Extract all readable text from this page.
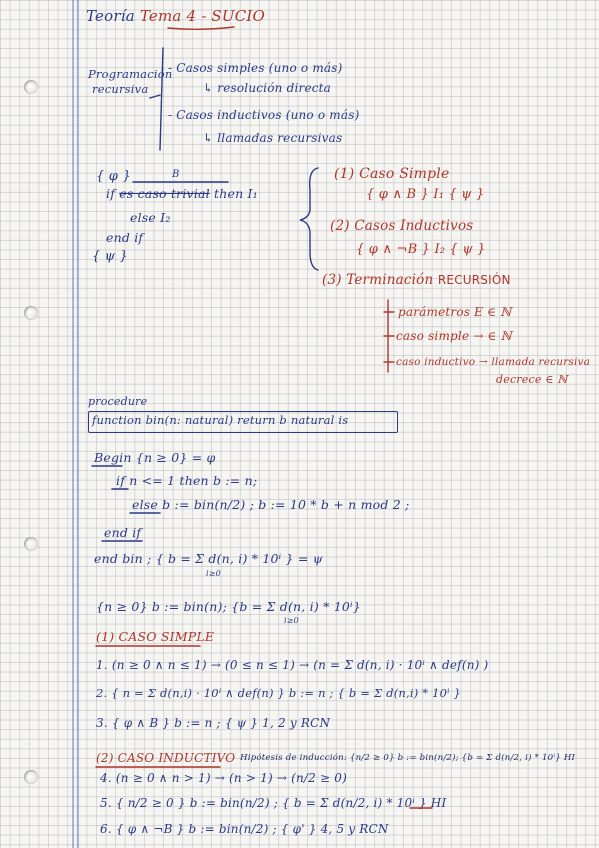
Teoría Tema 4 - SUCIO
Programación
recursiva
- Casos simples (uno o más)
↳ resolución directa
- Casos inductivos (uno o más)
↳ llamadas recursivas
{ φ }	B
if es caso trivial then I₁
else I₂
end if
{ ψ }
(1) Caso Simple
{ φ ∧ B } I₁ { ψ }
(2) Casos Inductivos
{ φ ∧ ¬B } I₂ { ψ }
(3) Terminación RECURSIÓN
parámetros E ∈ ℕ
caso simple → ∈ ℕ
caso inductivo → llamada recursiva
decrece ∈ ℕ
procedure
function bin(n: natural) return b natural is
Begin {n ≥ 0} = φ
if n <= 1 then b := n;
else b := bin(n/2) ; b := 10 * b + n mod 2 ;
end if
end bin ; { b = Σ d(n, i) * 10ⁱ } = ψ
i≥0
{n ≥ 0} b := bin(n); {b = Σ d(n, i) * 10ⁱ}
i≥0
(1) CASO SIMPLE
1. (n ≥ 0 ∧ n ≤ 1) → (0 ≤ n ≤ 1) → (n = Σ d(n, i) · 10ⁱ ∧ def(n) )
2. { n = Σ d(n,i) · 10ⁱ ∧ def(n) } b := n ; { b = Σ d(n,i) * 10ⁱ }
3. { φ ∧ B } b := n ; { ψ } 1, 2 y RCN
(2) CASO INDUCTIVO Hipótesis de inducción: {n/2 ≥ 0} b := bin(n/2); {b = Σ d(n/2, i) * 10ⁱ} HI
4. (n ≥ 0 ∧ n > 1) → (n > 1) → (n/2 ≥ 0)
5. { n/2 ≥ 0 } b := bin(n/2) ; { b = Σ d(n/2, i) * 10ⁱ } HI
6. { φ ∧ ¬B } b := bin(n/2) ; { φ' } 4, 5 y RCN
